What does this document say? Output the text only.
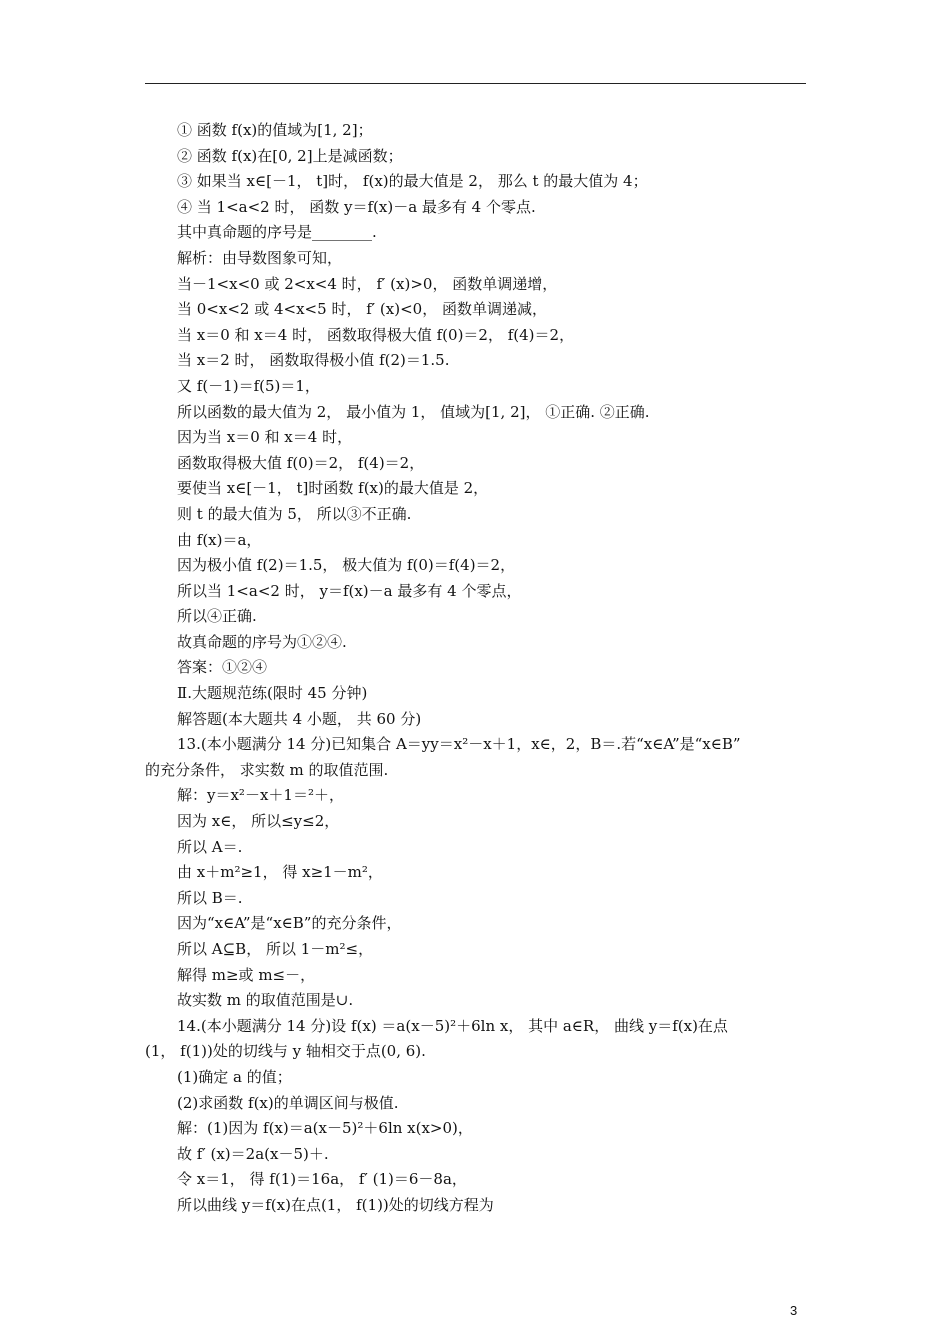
① 函数 f(x)的值域为[1, 2]；
② 函数 f(x)在[0, 2]上是减函数；
③ 如果当 x∈[－1， t]时， f(x)的最大值是 2， 那么 t 的最大值为 4；
④ 当 1<a<2 时， 函数 y＝f(x)－a 最多有 4 个零点.
其中真命题的序号是________.
解析：由导数图象可知，
当－1<x<0 或 2<x<4 时， f′ (x)>0， 函数单调递增，
当 0<x<2 或 4<x<5 时， f′ (x)<0， 函数单调递减，
当 x＝0 和 x＝4 时， 函数取得极大值 f(0)＝2， f(4)＝2，
当 x＝2 时， 函数取得极小值 f(2)＝1.5.
又 f(－1)＝f(5)＝1，
所以函数的最大值为 2， 最小值为 1， 值域为[1, 2]， ①正确. ②正确.
因为当 x＝0 和 x＝4 时，
函数取得极大值 f(0)＝2， f(4)＝2，
要使当 x∈[－1， t]时函数 f(x)的最大值是 2，
则 t 的最大值为 5， 所以③不正确.
由 f(x)＝a，
因为极小值 f(2)＝1.5， 极大值为 f(0)＝f(4)＝2，
所以当 1<a<2 时， y＝f(x)－a 最多有 4 个零点，
所以④正确.
故真命题的序号为①②④.
答案：①②④
Ⅱ.大题规范练(限时 45 分钟)
解答题(本大题共 4 小题， 共 60 分)
13.(本小题满分 14 分)已知集合 A＝yy＝x²－x＋1，x∈，2，B＝.若“x∈A”是“x∈B”
的充分条件， 求实数 m 的取值范围.
解：y＝x²－x＋1＝²＋，
因为 x∈， 所以≤y≤2，
所以 A＝.
由 x＋m²≥1， 得 x≥1－m²，
所以 B＝.
因为“x∈A”是“x∈B”的充分条件，
所以 A⊆B， 所以 1－m²≤，
解得 m≥或 m≤－，
故实数 m 的取值范围是∪.
14.(本小题满分 14 分)设 f(x) ＝a(x－5)²＋6ln x， 其中 a∈R， 曲线 y＝f(x)在点
(1， f(1))处的切线与 y 轴相交于点(0, 6).
(1)确定 a 的值；
(2)求函数 f(x)的单调区间与极值.
解：(1)因为 f(x)＝a(x－5)²＋6ln x(x>0)，
故 f′ (x)＝2a(x－5)＋.
令 x＝1， 得 f(1)＝16a， f′ (1)＝6－8a，
所以曲线 y＝f(x)在点(1， f(1))处的切线方程为
3
